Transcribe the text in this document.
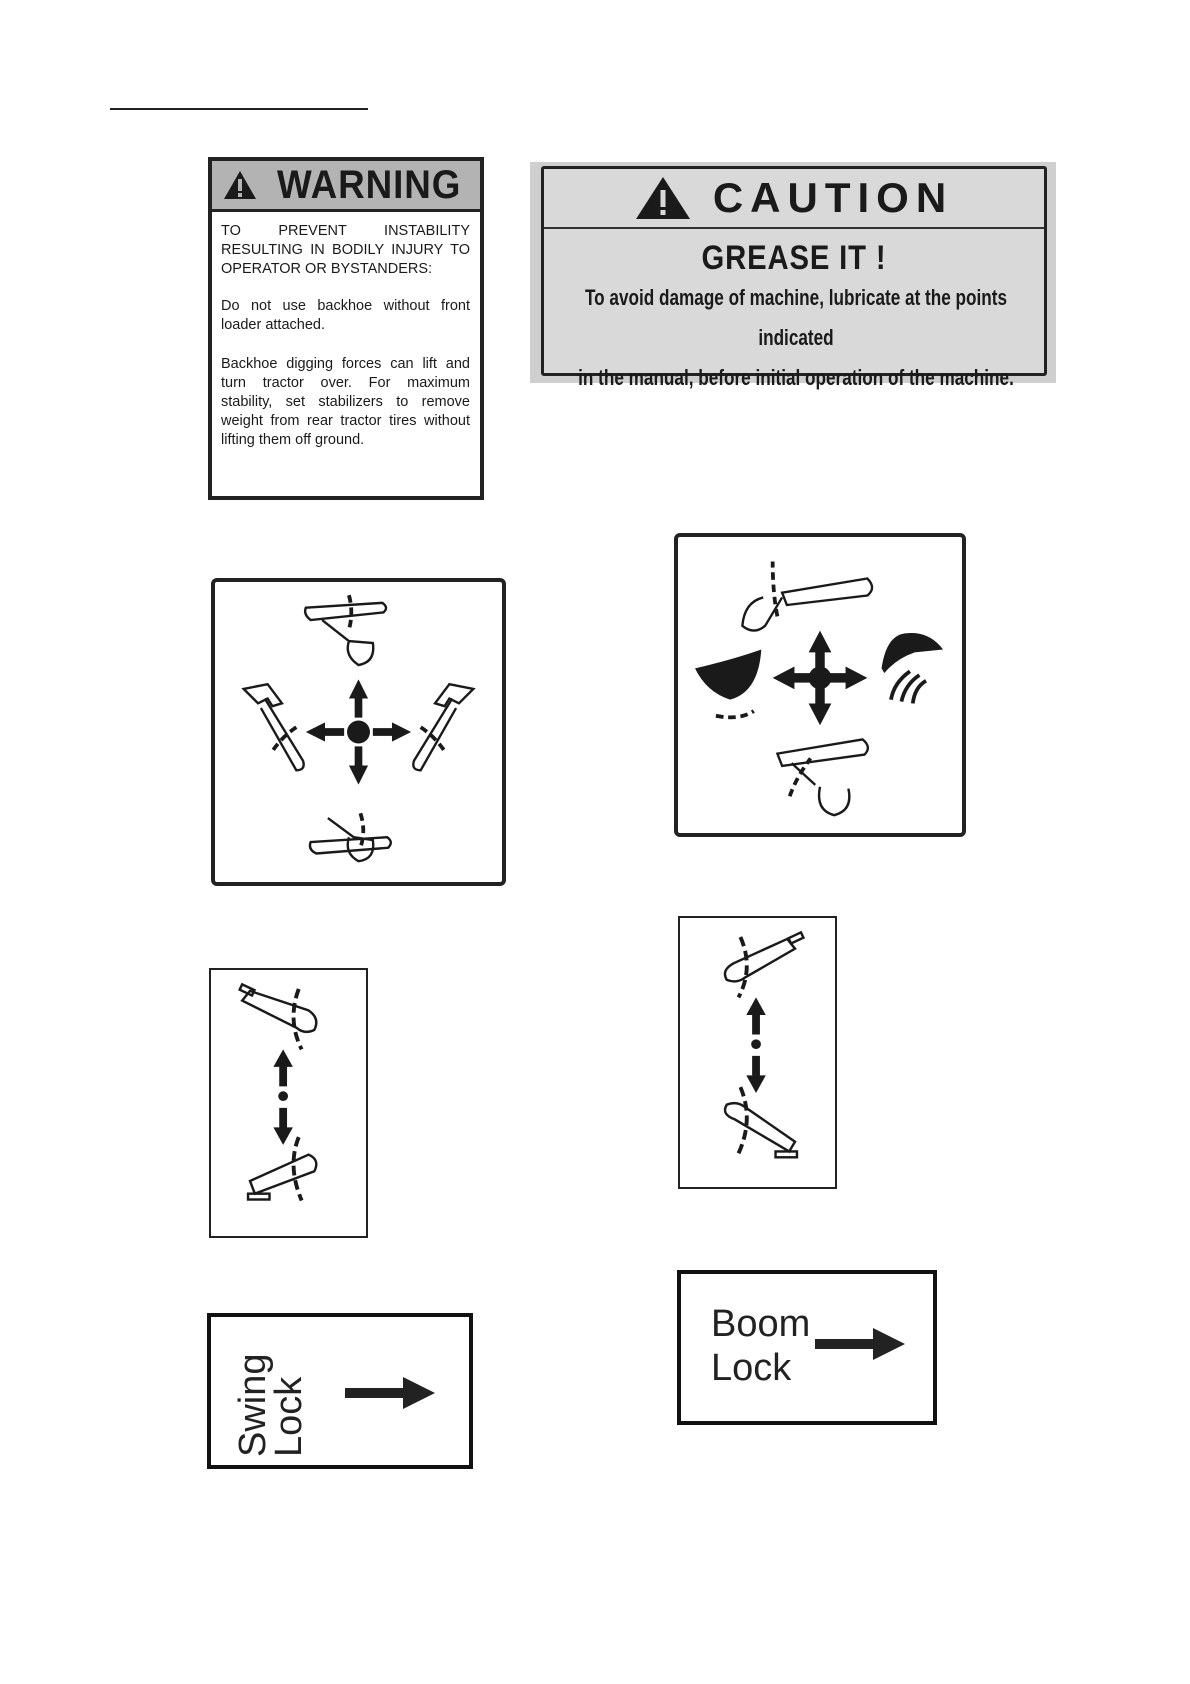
WARNING

TO PREVENT INSTABILITY RESULTING IN BODILY INJURY TO OPERATOR OR BYSTANDERS:

Do not use backhoe without front loader attached.

Backhoe digging forces can lift and turn tractor over. For maximum stability, set stabilizers to remove weight from rear tractor tires without lifting them off ground.

CAUTION
GREASE IT !
To avoid damage of machine, lubricate at the points indicated
in the manual, before initial operation of the machine.
Swing
Lock
Boom
Lock
